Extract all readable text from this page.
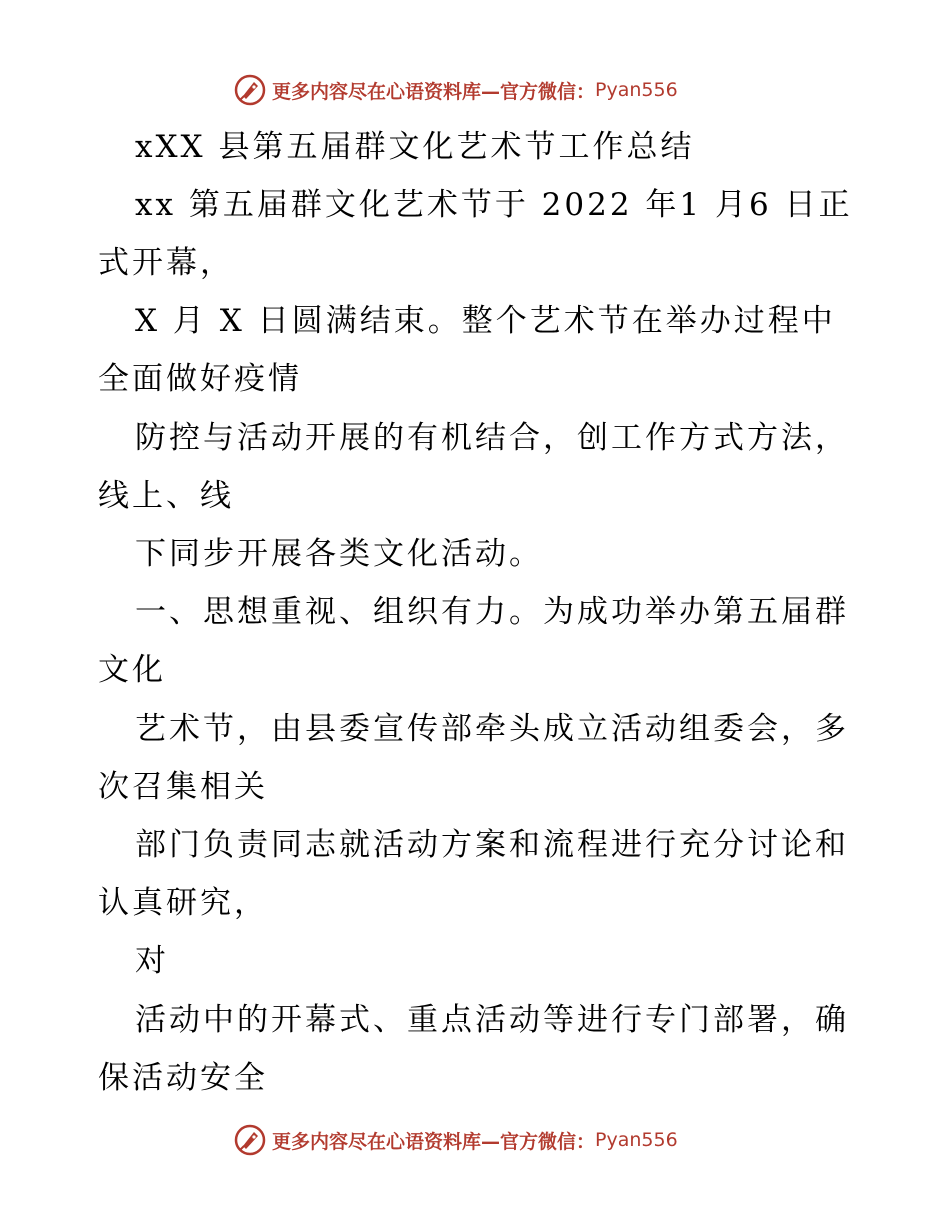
更多内容尽在心语资料库—官方微信： Pyan556
xXX 县第五届群文化艺术节工作总结
xx 第五届群文化艺术节于 2022 年1 月6 日正
式开幕，
X 月 X 日圆满结束。整个艺术节在举办过程中
全面做好疫情
防控与活动开展的有机结合，创工作方式方法，
线上、线
下同步开展各类文化活动。
一、思想重视、组织有力。为成功举办第五届群
文化
艺术节，由县委宣传部牵头成立活动组委会，多
次召集相关
部门负责同志就活动方案和流程进行充分讨论和
认真研究，
对
活动中的开幕式、重点活动等进行专门部署，确
保活动安全
更多内容尽在心语资料库—官方微信： Pyan556
